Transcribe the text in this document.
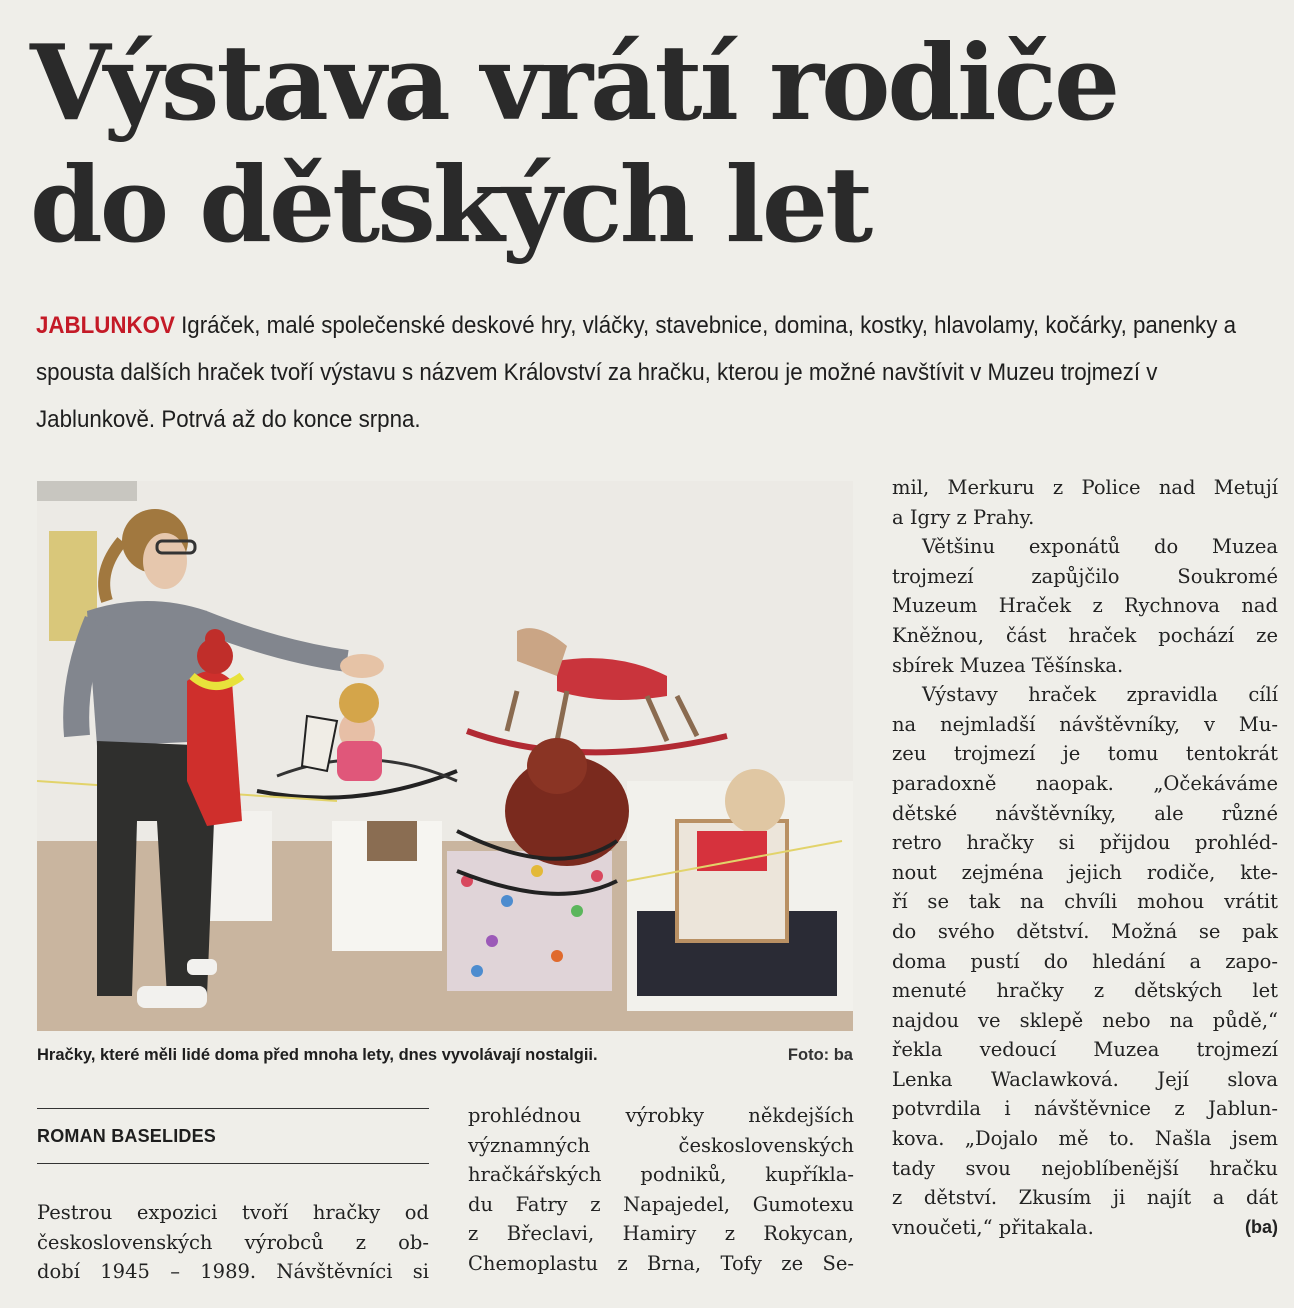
Výstava vrátí rodiče do dětských let

JABLUNKOV Igráček, malé společenské deskové hry, vláčky, stavebnice, domina, kostky, hlavolamy, kočárky, panenky a spousta dalších hraček tvoří výstavu s názvem Království za hračku, kterou je možné navštívit v Muzeu trojmezí v Jablunkově. Potrvá až do konce srpna.

Hračky, které měli lidé doma před mnoha lety, dnes vyvolávají nostalgii.	Foto: ba
ROMAN BASELIDES

Pestrou expozici tvoří hračky od

československých výrobců z ob-

dobí 1945 – 1989. Návštěvníci si

prohlédnou výrobky někdejších

významných československých

hračkářských podniků, kupříkla-

du Fatry z Napajedel, Gumotexu

z Břeclavi, Hamiry z Rokycan,

Chemoplastu z Brna, Tofy ze Se-

mil, Merkuru z Police nad Metují

a Igry z Prahy.

Většinu exponátů do Muzea

trojmezí zapůjčilo Soukromé

Muzeum Hraček z Rychnova nad

Kněžnou, část hraček pochází ze

sbírek Muzea Těšínska.

Výstavy hraček zpravidla cílí

na nejmladší návštěvníky, v Mu-

zeu trojmezí je tomu tentokrát

paradoxně naopak. „Očekáváme

dětské návštěvníky, ale různé

retro hračky si přijdou prohléd-

nout zejména jejich rodiče, kte-

ří se tak na chvíli mohou vrátit

do svého dětství. Možná se pak

doma pustí do hledání a zapo-

menuté hračky z dětských let

najdou ve sklepě nebo na půdě,“

řekla vedoucí Muzea trojmezí

Lenka Waclawková. Její slova

potvrdila i návštěvnice z Jablun-

kova. „Dojalo mě to. Našla jsem

tady svou nejoblíbenější hračku

z dětství. Zkusím ji najít a dát

vnoučeti,“ přitakala.	(ba)
